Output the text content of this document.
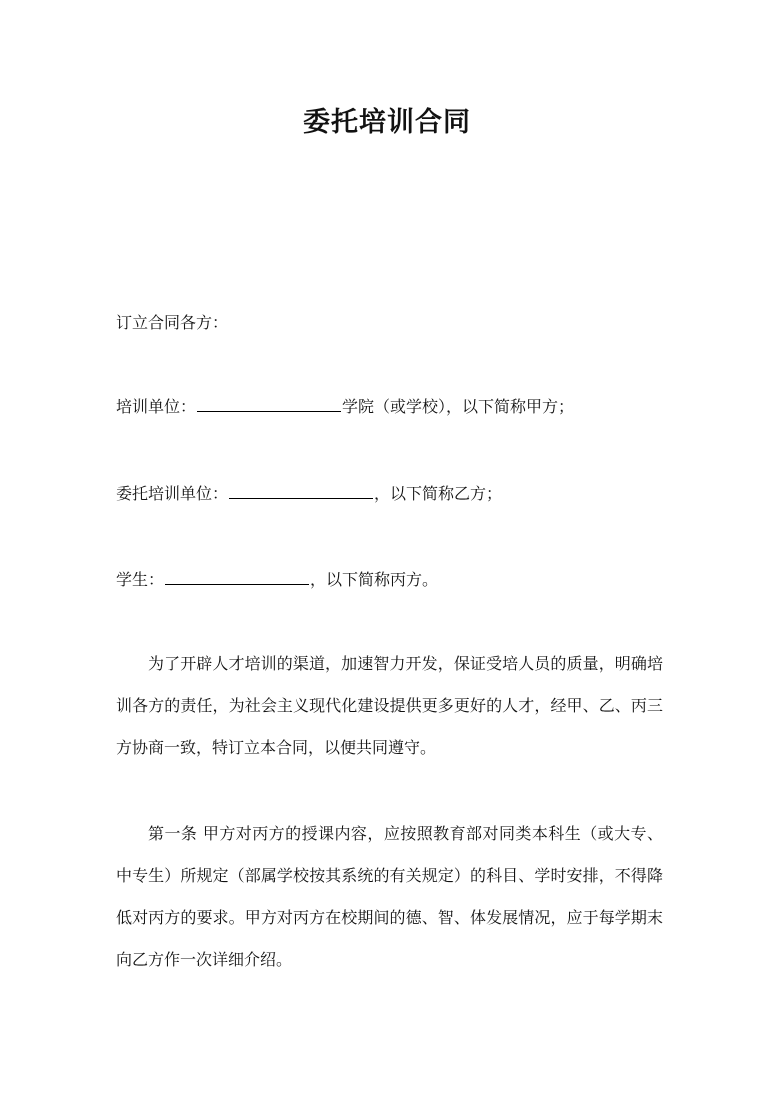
委托培训合同
订立合同各方：
培训单位：	学院（或学校），以下简称甲方；
委托培训单位：	，以下简称乙方；
学生：	，以下简称丙方。
为了开辟人才培训的渠道，加速智力开发，保证受培人员的质量，明确培训各方的责任，为社会主义现代化建设提供更多更好的人才，经甲、乙、丙三方协商一致，特订立本合同，以便共同遵守。
第一条 甲方对丙方的授课内容，应按照教育部对同类本科生（或大专、中专生）所规定（部属学校按其系统的有关规定）的科目、学时安排，不得降低对丙方的要求。甲方对丙方在校期间的德、智、体发展情况，应于每学期末向乙方作一次详细介绍。
